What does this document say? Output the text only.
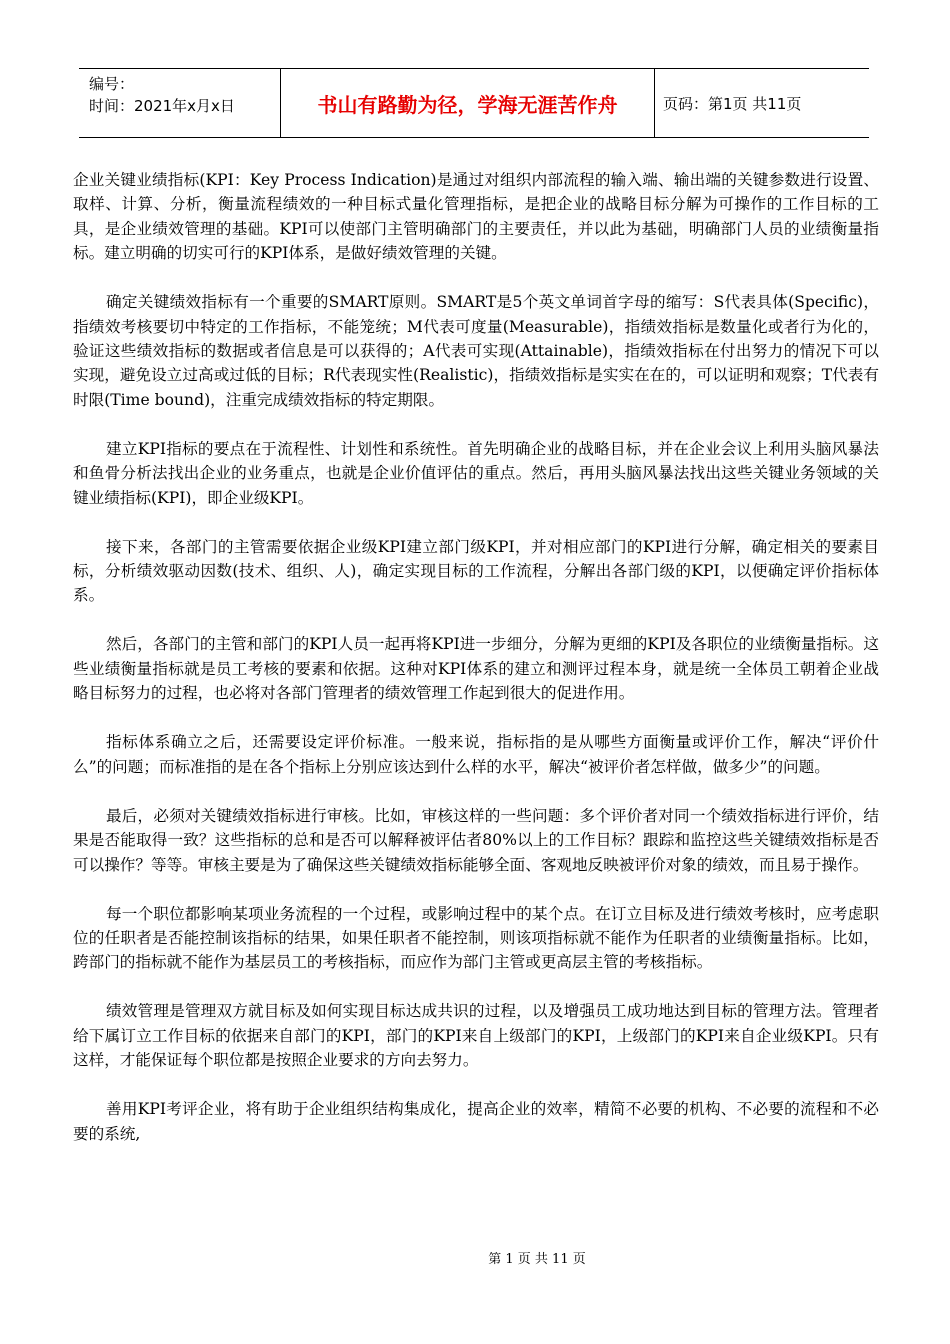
编号：
时间：2021年x月x日	书山有路勤为径，学海无涯苦作舟	页码：第1页 共11页

企业关键业绩指标(KPI：Key Process Indication)是通过对组织内部流程的输入端、输出端的关键参数进行设置、取样、计算、分析，衡量流程绩效的一种目标式量化管理指标，是把企业的战略目标分解为可操作的工作目标的工具，是企业绩效管理的基础。KPI可以使部门主管明确部门的主要责任，并以此为基础，明确部门人员的业绩衡量指标。建立明确的切实可行的KPI体系，是做好绩效管理的关键。

确定关键绩效指标有一个重要的SMART原则。SMART是5个英文单词首字母的缩写：S代表具体(Specific)，指绩效考核要切中特定的工作指标，不能笼统；M代表可度量(Measurable)，指绩效指标是数量化或者行为化的，验证这些绩效指标的数据或者信息是可以获得的；A代表可实现(Attainable)，指绩效指标在付出努力的情况下可以实现，避免设立过高或过低的目标；R代表现实性(Realistic)，指绩效指标是实实在在的，可以证明和观察；T代表有时限(Time bound)，注重完成绩效指标的特定期限。

建立KPI指标的要点在于流程性、计划性和系统性。首先明确企业的战略目标，并在企业会议上利用头脑风暴法和鱼骨分析法找出企业的业务重点，也就是企业价值评估的重点。然后，再用头脑风暴法找出这些关键业务领域的关键业绩指标(KPI)，即企业级KPI。

接下来，各部门的主管需要依据企业级KPI建立部门级KPI，并对相应部门的KPI进行分解，确定相关的要素目标，分析绩效驱动因数(技术、组织、人)，确定实现目标的工作流程，分解出各部门级的KPI，以便确定评价指标体系。

然后，各部门的主管和部门的KPI人员一起再将KPI进一步细分，分解为更细的KPI及各职位的业绩衡量指标。这些业绩衡量指标就是员工考核的要素和依据。这种对KPI体系的建立和测评过程本身，就是统一全体员工朝着企业战略目标努力的过程，也必将对各部门管理者的绩效管理工作起到很大的促进作用。

指标体系确立之后，还需要设定评价标准。一般来说，指标指的是从哪些方面衡量或评价工作，解决“评价什么”的问题；而标准指的是在各个指标上分别应该达到什么样的水平，解决“被评价者怎样做，做多少”的问题。

最后，必须对关键绩效指标进行审核。比如，审核这样的一些问题：多个评价者对同一个绩效指标进行评价，结果是否能取得一致？这些指标的总和是否可以解释被评估者80%以上的工作目标？跟踪和监控这些关键绩效指标是否可以操作？等等。审核主要是为了确保这些关键绩效指标能够全面、客观地反映被评价对象的绩效，而且易于操作。

每一个职位都影响某项业务流程的一个过程，或影响过程中的某个点。在订立目标及进行绩效考核时，应考虑职位的任职者是否能控制该指标的结果，如果任职者不能控制，则该项指标就不能作为任职者的业绩衡量指标。比如，跨部门的指标就不能作为基层员工的考核指标，而应作为部门主管或更高层主管的考核指标。

绩效管理是管理双方就目标及如何实现目标达成共识的过程，以及增强员工成功地达到目标的管理方法。管理者给下属订立工作目标的依据来自部门的KPI，部门的KPI来自上级部门的KPI，上级部门的KPI来自企业级KPI。只有这样，才能保证每个职位都是按照企业要求的方向去努力。

善用KPI考评企业，将有助于企业组织结构集成化，提高企业的效率，精简不必要的机构、不必要的流程和不必要的系统,

第 1 页 共 11 页
